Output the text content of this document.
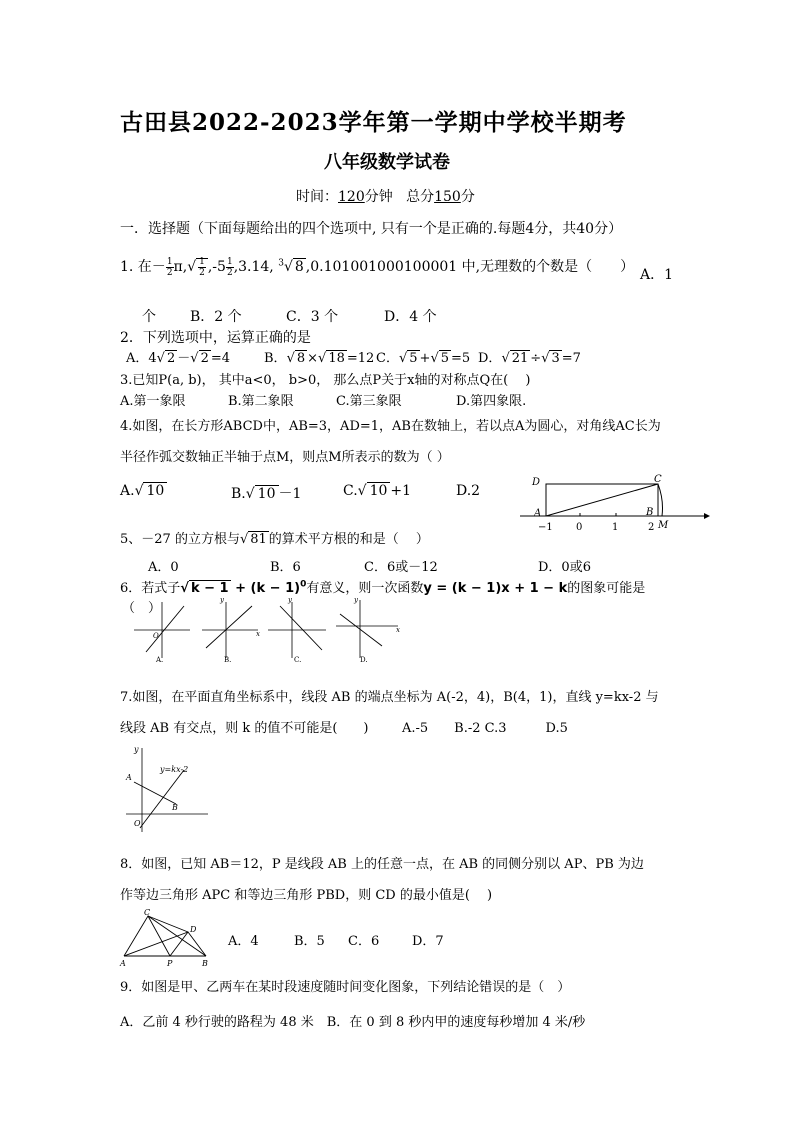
古田县2022-2023学年第一学期中学校半期考
八年级数学试卷
时间：120分钟 总分150分
一．选择题（下面每题给出的四个选项中, 只有一个是正确的.每题4分，共40分）
1. 在－ $\frac{1}{2} \pi,√ \frac{1}{2} ,-5 \frac{1}{2} ,3.14$, $^3$√ 8 ,0.101001000100001 中,无理数的个数是（　　） A．1
个 B．2 个	C．3 个	D．4 个
2．下列选项中，运算正确的是
A．4√ 2 －√ 2 =4	B．√ 8 ×√ 18 =12 C．√ 5 +√ 5 =5 D．√ 21 ÷√ 3 =7
3.已知P(a, b)， 其中a<0， b>0， 那么点P关于x轴的对称点Q在(　 )
A.第一象限	B.第二象限	C.第三象限	D.第四象限.
4.如图，在长方形ABCD中，AB=3，AD=1，AB在数轴上，若以点A为圆心，对角线AC长为
半径作弧交数轴正半轴于点M，则点M所表示的数为（ ）
A.√ 10	B.√ 10 －1	C.√ 10 +1	D.2
D	C
A	B
M
−1 0	1	2
5、－27 的立方根与√ 81 的算术平方根的和是（　 ）
A．0	B．6	C．6或－12	D．0或6
6．若式子√ $k - 1 + (k - 1)^0$有意义，则一次函数y = (k − 1)x + 1 − k的图象可能是
（　）
O
A.
y
x
B.
y
C.
y
x
D.
7.如图，在平面直角坐标系中，线段 AB 的端点坐标为 A(-2，4)，B(4，1)，直线 y=kx-2 与
线段 AB 有交点，则 k 的值不可能是(　　)	A.-5　　B.-2 C.3　　　D.5
y
y=kx-2
A
B
O
8．如图，已知 AB＝12，P 是线段 AB 上的任意一点，在 AB 的同侧分别以 AP、PB 为边
作等边三角形 APC 和等边三角形 PBD，则 CD 的最小值是(　 )
C
D
A	P	B
A．4	B．5 C．6	D．7
9．如图是甲、乙两车在某时段速度随时间变化图象，下列结论错误的是（　）
A．乙前 4 秒行驶的路程为 48 米　B．在 0 到 8 秒内甲的速度每秒增加 4 米/秒
